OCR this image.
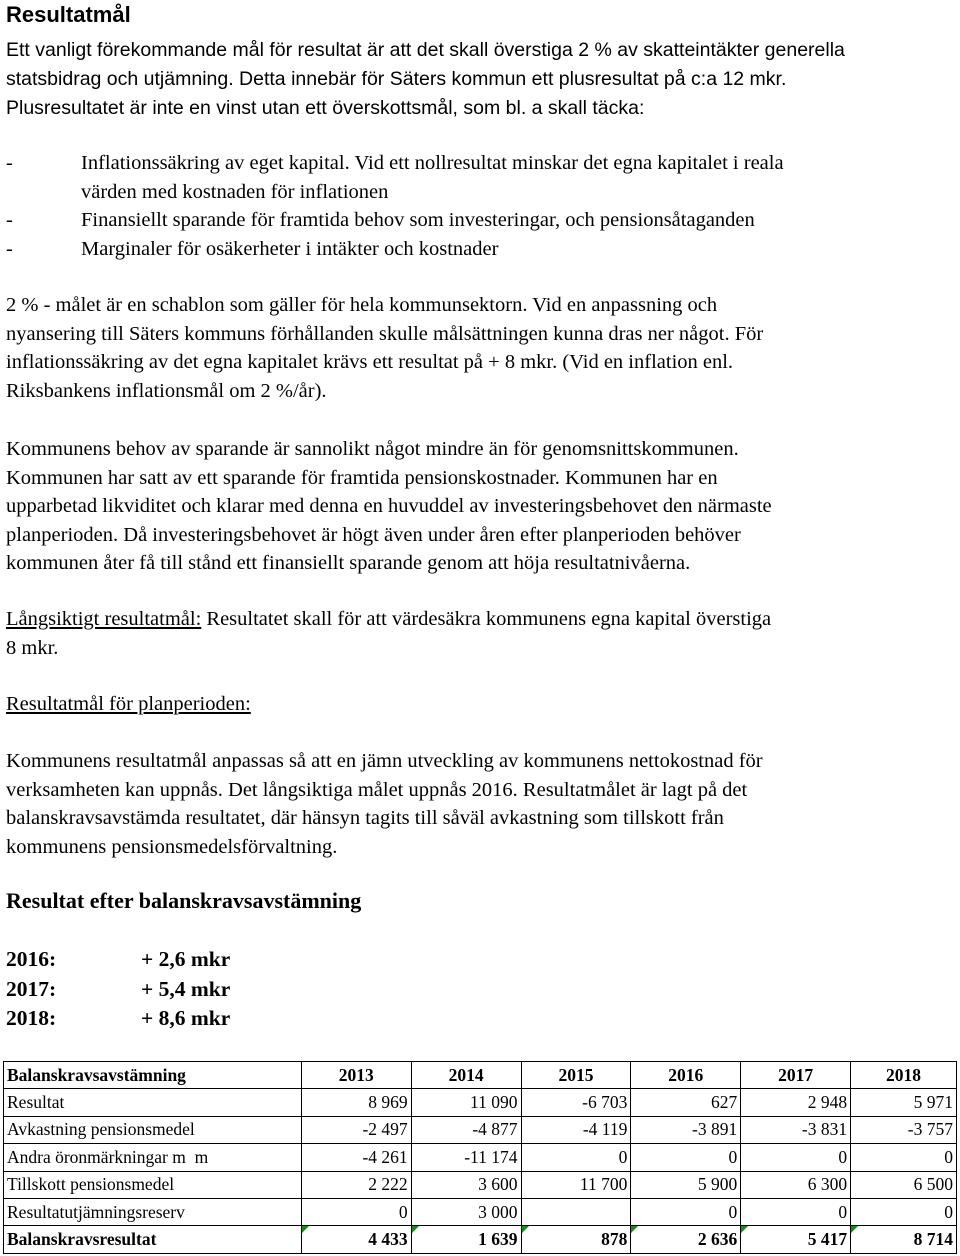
Resultatmål
Ett vanligt förekommande mål för resultat är att det skall överstiga 2 % av skatteintäkter generella
statsbidrag och utjämning. Detta innebär för Säters kommun ett plusresultat på c:a 12 mkr.
Plusresultatet är inte en vinst utan ett överskottsmål, som bl. a skall täcka:
-	Inflationssäkring av eget kapital. Vid ett nollresultat minskar det egna kapitalet i reala
värden med kostnaden för inflationen
-	Finansiellt sparande för framtida behov som investeringar, och pensionsåtaganden
-	Marginaler för osäkerheter i intäkter och kostnader
2 % - målet är en schablon som gäller för hela kommunsektorn. Vid en anpassning och
nyansering till Säters kommuns förhållanden skulle målsättningen kunna dras ner något. För
inflationssäkring av det egna kapitalet krävs ett resultat på + 8 mkr. (Vid en inflation enl.
Riksbankens inflationsmål om 2 %/år).
Kommunens behov av sparande är sannolikt något mindre än för genomsnittskommunen.
Kommunen har satt av ett sparande för framtida pensionskostnader. Kommunen har en
upparbetad likviditet och klarar med denna en huvuddel av investeringsbehovet den närmaste
planperioden. Då investeringsbehovet är högt även under åren efter planperioden behöver
kommunen åter få till stånd ett finansiellt sparande genom att höja resultatnivåerna.
Långsiktigt resultatmål: Resultatet skall för att värdesäkra kommunens egna kapital överstiga
8 mkr.
Resultatmål för planperioden:
Kommunens resultatmål anpassas så att en jämn utveckling av kommunens nettokostnad för
verksamheten kan uppnås. Det långsiktiga målet uppnås 2016. Resultatmålet är lagt på det
balanskravsavstämda resultatet, där hänsyn tagits till såväl avkastning som tillskott från
kommunens pensionsmedelsförvaltning.
Resultat efter balanskravsavstämning
2016:	+ 2,6 mkr
2017:	+ 5,4 mkr
2018:	+ 8,6 mkr
Balanskravsavstämning	2013	2014	2015	2016	2017	2018
Resultat	8 969	11 090	-6 703	627	2 948	5 971
Avkastning pensionsmedel	-2 497	-4 877	-4 119	-3 891	-3 831	-3 757
Andra öronmärkningar m  m	-4 261	-11 174	0	0	0	0
Tillskott pensionsmedel	2 222	3 600	11 700	5 900	6 300	6 500
Resultatutjämningsreserv	0	3 000		0	0	0
Balanskravsresultat	4 433	1 639	878	2 636	5 417	8 714
